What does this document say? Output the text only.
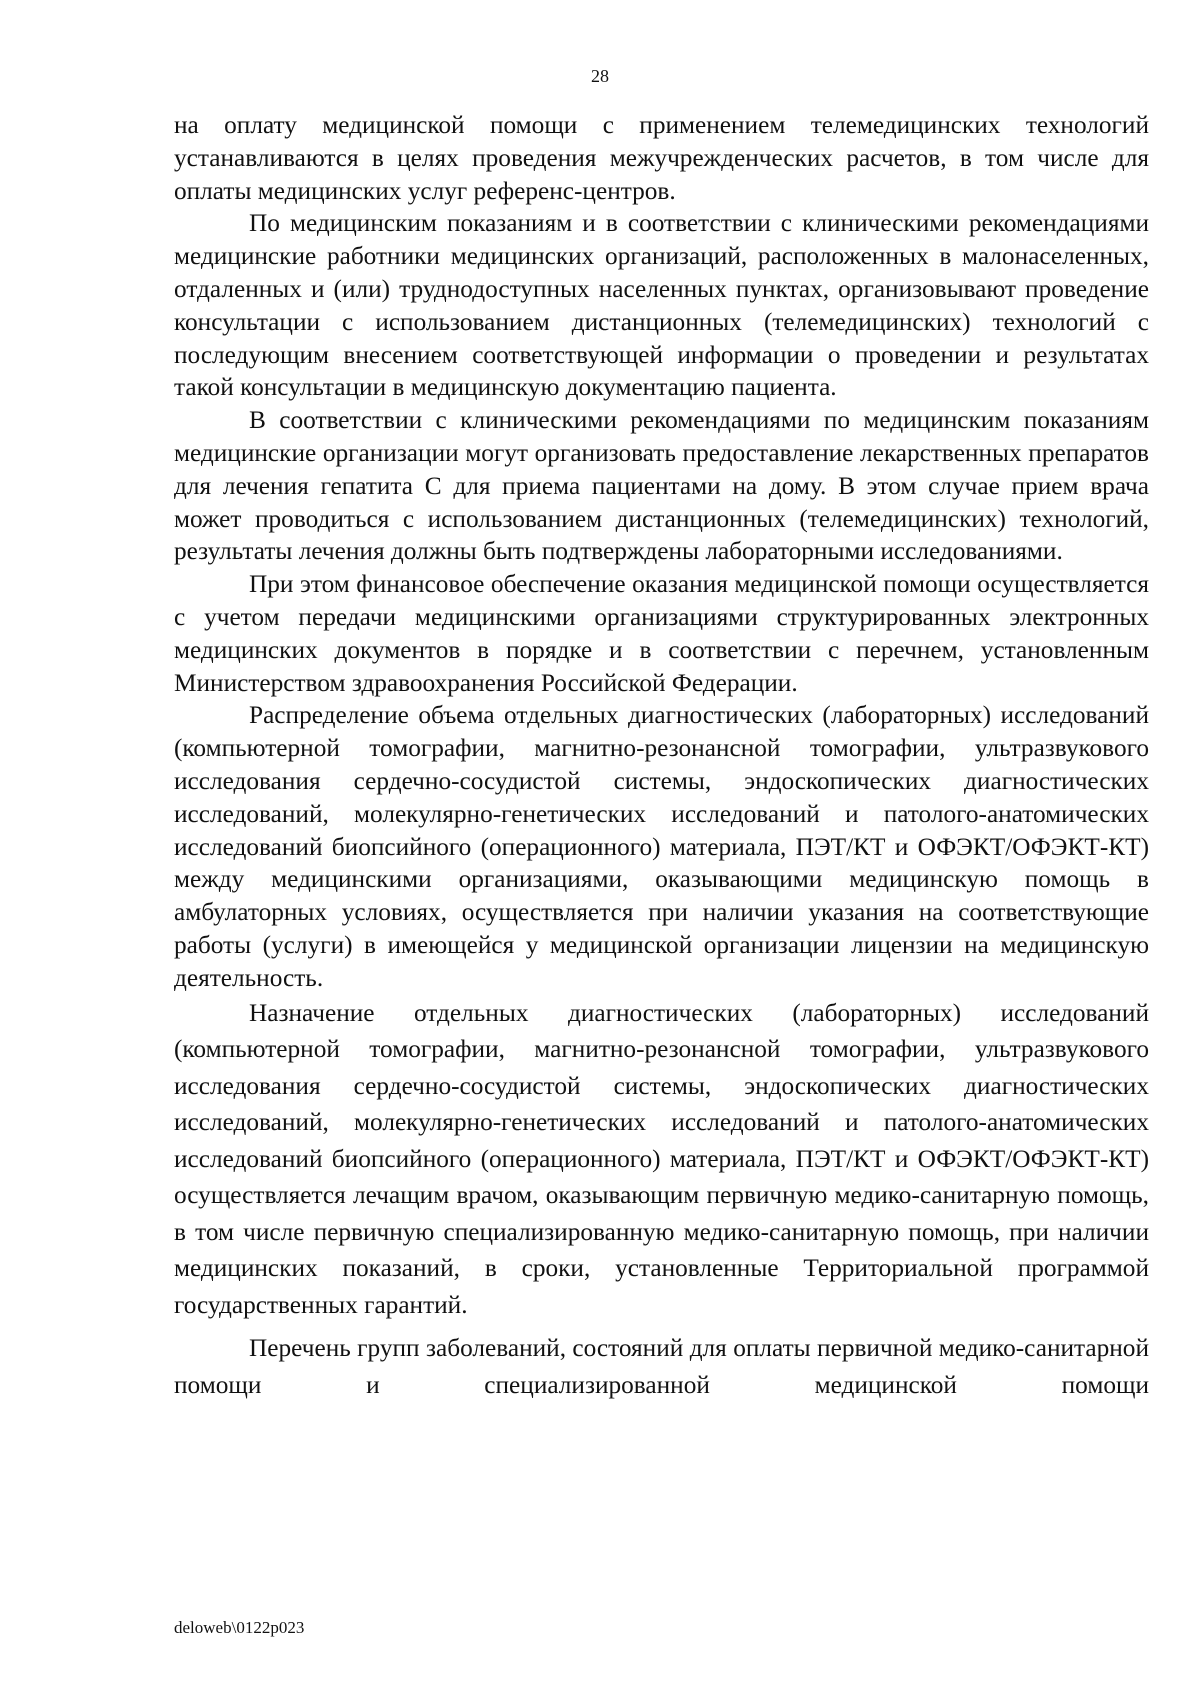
28

на оплату медицинской помощи с применением телемедицинских технологий устанавливаются в целях проведения межучрежденческих расчетов, в том числе для оплаты медицинских услуг референс-центров.

По медицинским показаниям и в соответствии с клиническими рекомендациями медицинские работники медицинских организаций, расположенных в малонаселенных, отдаленных и (или) труднодоступных населенных пунктах, организовывают проведение консультации с использованием дистанционных (телемедицинских) технологий с последующим внесением соответствующей информации о проведении и результатах такой консультации в медицинскую документацию пациента.

В соответствии с клиническими рекомендациями по медицинским показаниям медицинские организации могут организовать предоставление лекарственных препаратов для лечения гепатита С для приема пациентами на дому. В этом случае прием врача может проводиться с использованием дистанционных (телемедицинских) технологий, результаты лечения должны быть подтверждены лабораторными исследованиями.

При этом финансовое обеспечение оказания медицинской помощи осуществляется с учетом передачи медицинскими организациями структурированных электронных медицинских документов в порядке и в соответствии с перечнем, установленным Министерством здравоохранения Российской Федерации.

Распределение объема отдельных диагностических (лабораторных) исследований (компьютерной томографии, магнитно-резонансной томографии, ультразвукового исследования сердечно-сосудистой системы, эндоскопических диагностических исследований, молекулярно-генетических исследований и патолого-анатомических исследований биопсийного (операционного) материала, ПЭТ/КТ и ОФЭКТ/ОФЭКТ-КТ) между медицинскими организациями, оказывающими медицинскую помощь в амбулаторных условиях, осуществляется при наличии указания на соответствующие работы (услуги) в имеющейся у медицинской организации лицензии на медицинскую деятельность.

Назначение отдельных диагностических (лабораторных) исследований (компьютерной томографии, магнитно-резонансной томографии, ультразвукового исследования сердечно-сосудистой системы, эндоскопических диагностических исследований, молекулярно-генетических исследований и патолого-анатомических исследований биопсийного (операционного) материала, ПЭТ/КТ и ОФЭКТ/ОФЭКТ-КТ) осуществляется лечащим врачом, оказывающим первичную медико-санитарную помощь, в том числе первичную специализированную медико-санитарную помощь, при наличии медицинских показаний, в сроки, установленные Территориальной программой государственных гарантий.

Перечень групп заболеваний, состояний для оплаты первичной медико-санитарной помощи и специализированной медицинской помощи

deloweb\0122p023
